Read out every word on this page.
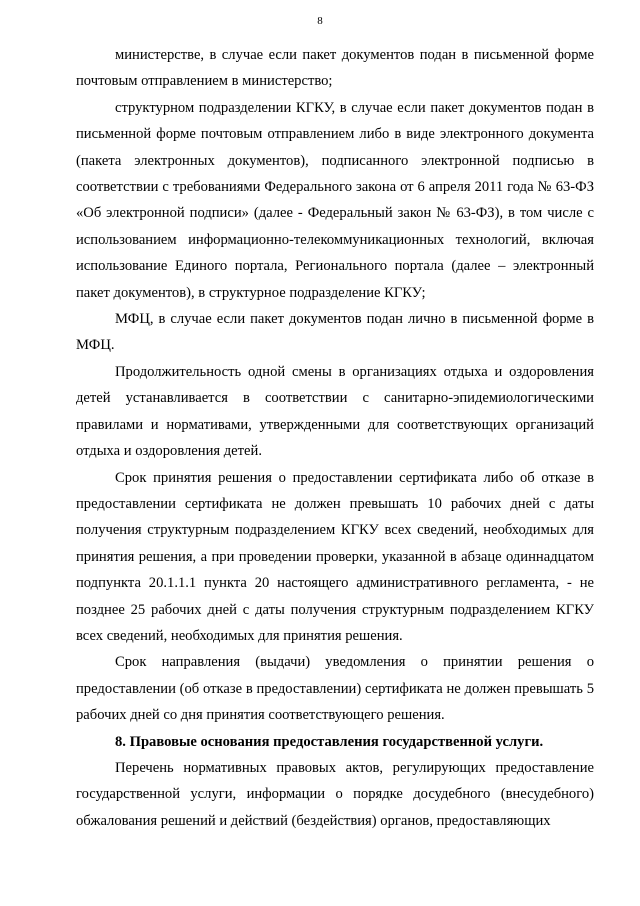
8

министерстве, в случае если пакет документов подан в письменной форме почтовым отправлением в министерство;

структурном подразделении КГКУ, в случае если пакет документов подан в письменной форме почтовым отправлением либо в виде электронного документа (пакета электронных документов), подписанного электронной подписью в соответствии с требованиями Федерального закона от 6 апреля 2011 года № 63-ФЗ «Об электронной подписи» (далее - Федеральный закон № 63-ФЗ), в том числе с использованием информационно-телекоммуникационных технологий, включая использование Единого портала, Регионального портала (далее – электронный пакет документов), в структурное подразделение КГКУ;

МФЦ, в случае если пакет документов подан лично в письменной форме в МФЦ.

Продолжительность одной смены в организациях отдыха и оздоровления детей устанавливается в соответствии с санитарно-эпидемиологическими правилами и нормативами, утвержденными для соответствующих организаций отдыха и оздоровления детей.

Срок принятия решения о предоставлении сертификата либо об отказе в предоставлении сертификата не должен превышать 10 рабочих дней с даты получения структурным подразделением КГКУ всех сведений, необходимых для принятия решения, а при проведении проверки, указанной в абзаце одиннадцатом подпункта 20.1.1.1 пункта 20 настоящего административного регламента, - не позднее 25 рабочих дней с даты получения структурным подразделением КГКУ всех сведений, необходимых для принятия решения.

Срок направления (выдачи) уведомления о принятии решения о предоставлении (об отказе в предоставлении) сертификата не должен превышать 5 рабочих дней со дня принятия соответствующего решения.

8. Правовые основания предоставления государственной услуги.

Перечень нормативных правовых актов, регулирующих предоставление государственной услуги, информации о порядке досудебного (внесудебного) обжалования решений и действий (бездействия) органов, предоставляющих
